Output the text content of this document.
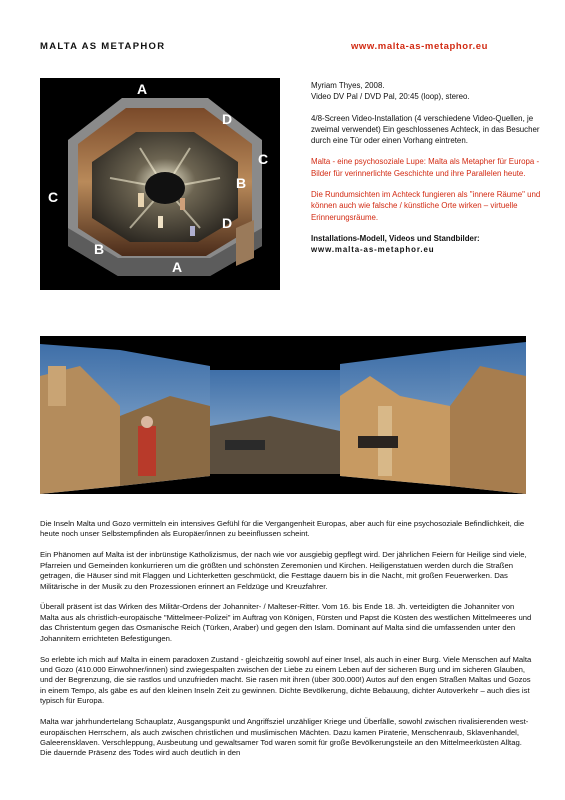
MALTA AS METAPHOR	www.malta-as-metaphor.eu
A
C
C
D
D
B
B
A

Myriam Thyes, 2008.
Video DV Pal / DVD Pal, 20:45 (loop), stereo.

4/8-Screen Video-Installation (4 verschiedene Video-Quellen, je zweimal verwendet) Ein geschlossenes Achteck, in das Besucher durch eine Tür oder einen Vorhang eintreten.

Malta - eine psychosoziale Lupe: Malta als Metapher für Europa - Bilder für verinnerlichte Geschichte und ihre Parallelen heute.

Die Rundumsichten im Achteck fungieren als "innere Räume" und können auch wie falsche / künstliche Orte wirken – virtuelle Erinnerungsräume.

Installations-Modell, Videos und Standbilder:
www.malta-as-metaphor.eu

Die Inseln Malta und Gozo vermitteln ein intensives Gefühl für die Vergangenheit Europas, aber auch für eine psychosoziale Befindlichkeit, die heute noch unser Selbstempfinden als Europäer/innen zu beeinflussen scheint.

Ein Phänomen auf Malta ist der inbrünstige Katholizismus, der nach wie vor ausgiebig gepflegt wird. Der jährlichen Feiern für Heilige sind viele, Pfarreien und Gemeinden konkurrieren um die größten und schönsten Zeremonien und Kirchen. Heiligenstatuen werden durch die Straßen getragen, die Häuser sind mit Flaggen und Lichterketten geschmückt, die Festtage dauern bis in die Nacht, mit großen Feuerwerken. Das Militärische in der Musik zu den Prozessionen erinnert an Feldzüge und Kreuzfahrer.

Überall präsent ist das Wirken des Militär-Ordens der Johanniter- / Malteser-Ritter. Vom 16. bis Ende 18. Jh. verteidigten die Johanniter von Malta aus als christlich-europäische "Mittelmeer-Polizei" im Auftrag von Königen, Fürsten und Papst die Küsten des westlichen Mittelmeeres und das Christentum gegen das Osmanische Reich (Türken, Araber) und gegen den Islam. Dominant auf Malta sind die umfassenden unter den Johannitern errichteten Befestigungen.

So erlebte ich mich auf Malta in einem paradoxen Zustand - gleichzeitig sowohl auf einer Insel, als auch in einer Burg. Viele Menschen auf Malta und Gozo (410.000 Einwohner/innen) sind zwiegespalten zwischen der Liebe zu einem Leben auf der sicheren Burg und im sicheren Glauben, und der Begrenzung, die sie rastlos und unzufrieden macht. Sie rasen mit ihren (über 300.000!) Autos auf den engen Straßen Maltas und Gozos in einem Tempo, als gäbe es auf den kleinen Inseln Zeit zu gewinnen. Dichte Bevölkerung, dichte Bebauung, dichter Autoverkehr – auch dies ist typisch für Europa.

Malta war jahrhundertelang Schauplatz, Ausgangspunkt und Angriffsziel unzähliger Kriege und Überfälle, sowohl zwischen rivalisierenden west-europäischen Herrschern, als auch zwischen christlichen und muslimischen Mächten. Dazu kamen Piraterie, Menschenraub, Sklavenhandel, Galeerensklaven. Verschleppung, Ausbeutung und gewaltsamer Tod waren somit für große Bevölkerungsteile an den Mittelmeerküsten Alltag. Die dauernde Präsenz des Todes wird auch deutlich in den
